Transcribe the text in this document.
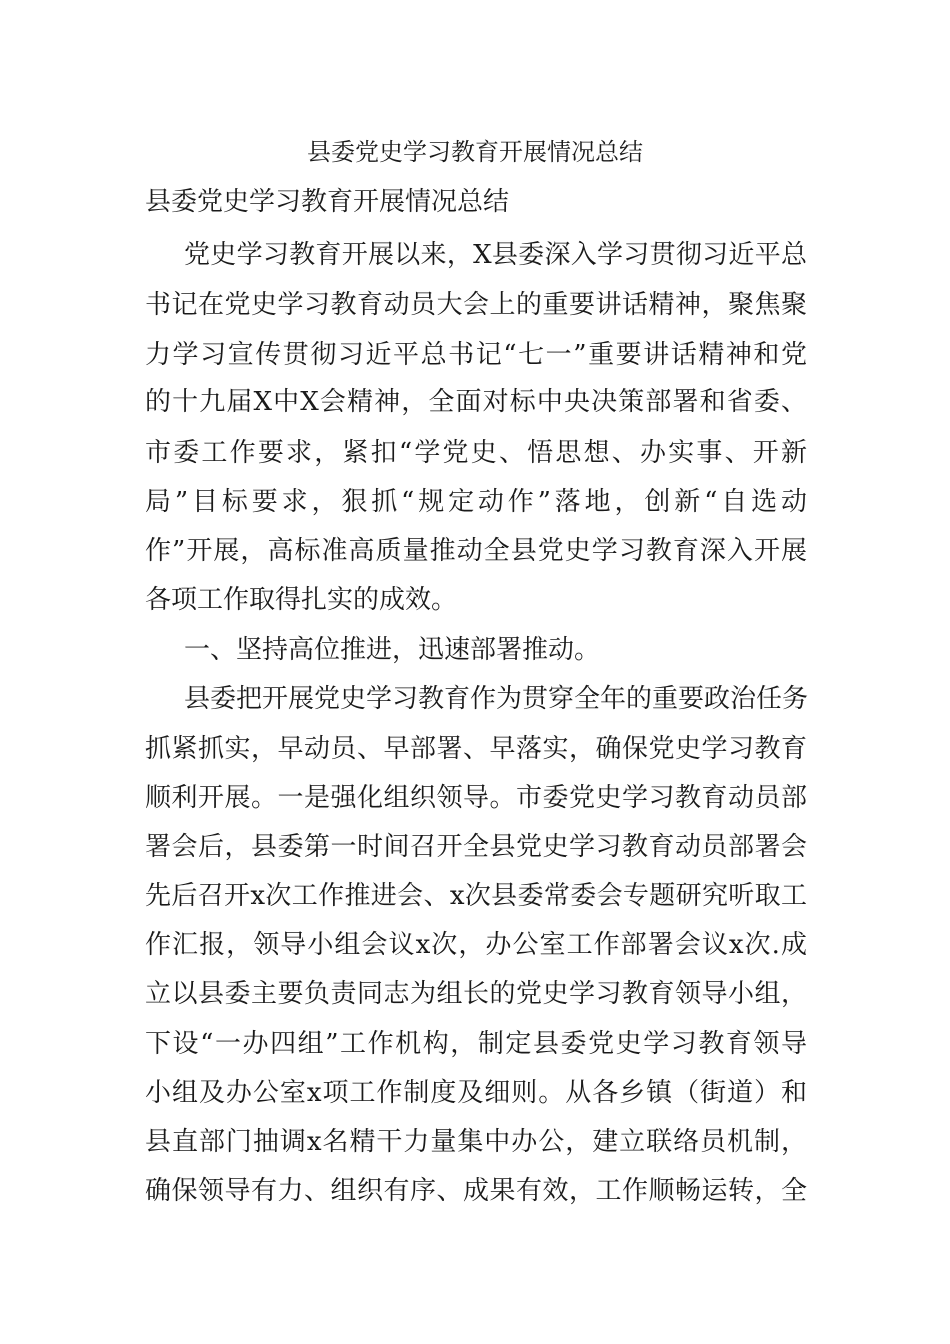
县委党史学习教育开展情况总结
县委党史学习教育开展情况总结
党史学习教育开展以来，X县委深入学习贯彻习近平总
书记在党史学习教育动员大会上的重要讲话精神，聚焦聚
力学习宣传贯彻习近平总书记“七一”重要讲话精神和党
的十九届X中X会精神，全面对标中央决策部署和省委、
市委工作要求，紧扣“学党史、悟思想、办实事、开新
局”目标要求，狠抓“规定动作”落地，创新“自选动
作”开展，高标准高质量推动全县党史学习教育深入开展
各项工作取得扎实的成效。
一、坚持高位推进，迅速部署推动。
县委把开展党史学习教育作为贯穿全年的重要政治任务
抓紧抓实，早动员、早部署、早落实，确保党史学习教育
顺利开展。一是强化组织领导。市委党史学习教育动员部
署会后，县委第一时间召开全县党史学习教育动员部署会
先后召开x次工作推进会、x次县委常委会专题研究听取工
作汇报，领导小组会议x次，办公室工作部署会议x次.成
立以县委主要负责同志为组长的党史学习教育领导小组，
下设“一办四组”工作机构，制定县委党史学习教育领导
小组及办公室x项工作制度及细则。从各乡镇（街道）和
县直部门抽调x名精干力量集中办公，建立联络员机制，
确保领导有力、组织有序、成果有效，工作顺畅运转，全
